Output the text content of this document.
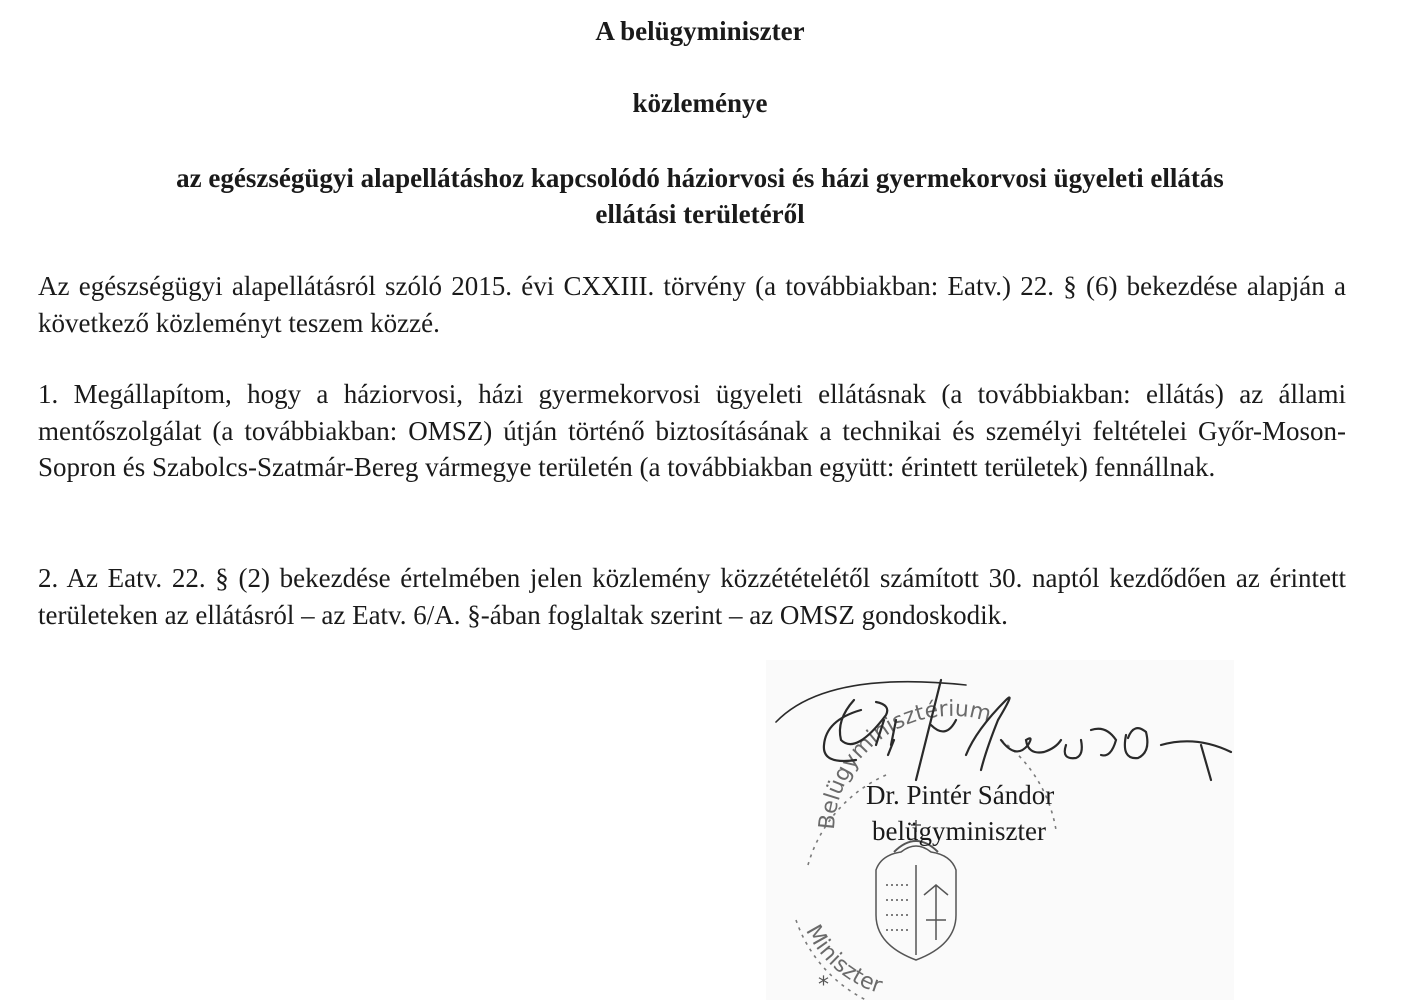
A belügyminiszter
közleménye
az egészségügyi alapellátáshoz kapcsolódó háziorvosi és házi gyermekorvosi ügyeleti ellátás
ellátási területéről

Az egészségügyi alapellátásról szóló 2015. évi CXXIII. törvény (a továbbiakban: Eatv.) 22. § (6) bekezdése alapján a következő közleményt teszem közzé.

1. Megállapítom, hogy a háziorvosi, házi gyermekorvosi ügyeleti ellátásnak (a továbbiakban: ellátás) az állami mentőszolgálat (a továbbiakban: OMSZ) útján történő biztosításának a technikai és személyi feltételei Győr-Moson-Sopron és Szabolcs-Szatmár-Bereg vármegye területén (a továbbiakban együtt: érintett területek) fennállnak.

2. Az Eatv. 22. § (2) bekezdése értelmében jelen közlemény közzétételétől számított 30. naptól kezdődően az érintett területeken az ellátásról – az Eatv. 6/A. §-ában foglaltak szerint – az OMSZ gondoskodik.

Belügyminisztérium
Miniszter
*

Dr. Pintér Sándor

belügyminiszter
